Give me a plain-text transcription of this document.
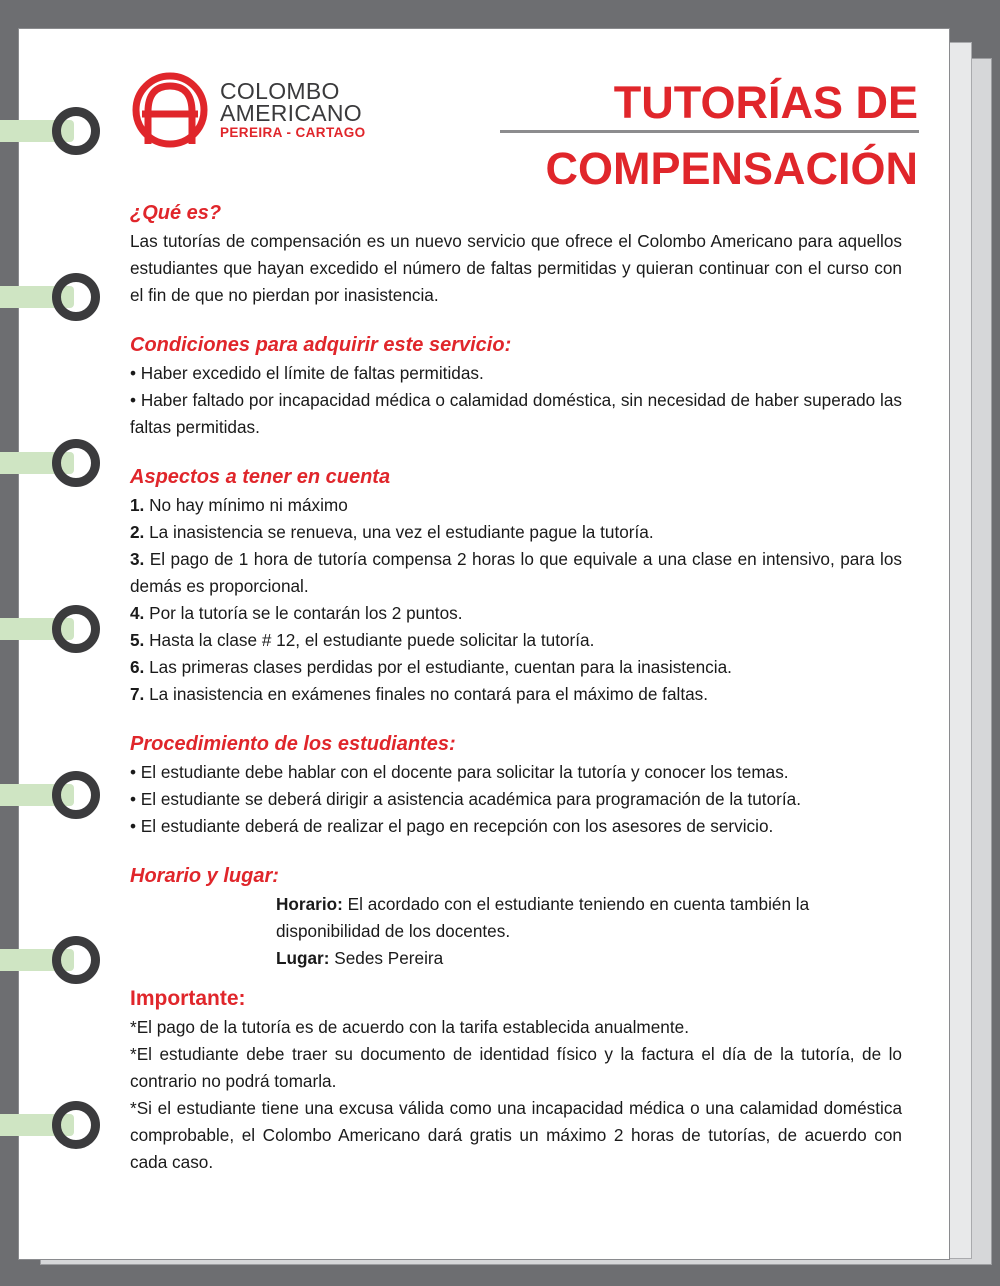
COLOMBO
AMERICANO
PEREIRA - CARTAGO
TUTORÍAS DE
COMPENSACIÓN
¿Qué es?

Las tutorías de compensación es un nuevo servicio que ofrece el Colombo Americano para aquellos estudiantes que hayan excedido el número de faltas permitidas y quieran continuar con el curso con el fin de que no pierdan por inasistencia.

Condiciones para adquirir este servicio:

• Haber excedido el límite de faltas permitidas.

• Haber faltado por incapacidad médica o calamidad doméstica, sin necesidad de haber superado las faltas permitidas.

Aspectos a tener en cuenta

1. No hay mínimo ni máximo

2. La inasistencia se renueva, una vez el estudiante pague la tutoría.

3. El pago de 1 hora de tutoría compensa 2 horas lo que equivale a una clase en intensivo, para los demás es proporcional.

4. Por la tutoría se le contarán los 2 puntos.

5. Hasta la clase # 12, el estudiante puede solicitar la tutoría.

6. Las primeras clases perdidas por el estudiante, cuentan para la inasistencia.

7. La inasistencia en exámenes finales no contará para el máximo de faltas.

Procedimiento de los estudiantes:

• El estudiante debe hablar con el docente para solicitar la tutoría y conocer los temas.

• El estudiante se deberá dirigir a asistencia académica para programación de la tutoría.

• El estudiante deberá de realizar el pago en recepción con los asesores de servicio.

Horario y lugar:

Horario: El acordado con el estudiante teniendo en cuenta también la disponibilidad de los docentes.

Lugar: Sedes Pereira

Importante:

*El pago de la tutoría es de acuerdo con la tarifa establecida anualmente.

*El estudiante debe traer su documento de identidad físico y la factura el día de la tutoría, de lo contrario no podrá tomarla.

*Si el estudiante tiene una excusa válida como una incapacidad médica o una calamidad doméstica comprobable, el Colombo Americano dará gratis un máximo 2 horas de tutorías, de acuerdo con cada caso.
